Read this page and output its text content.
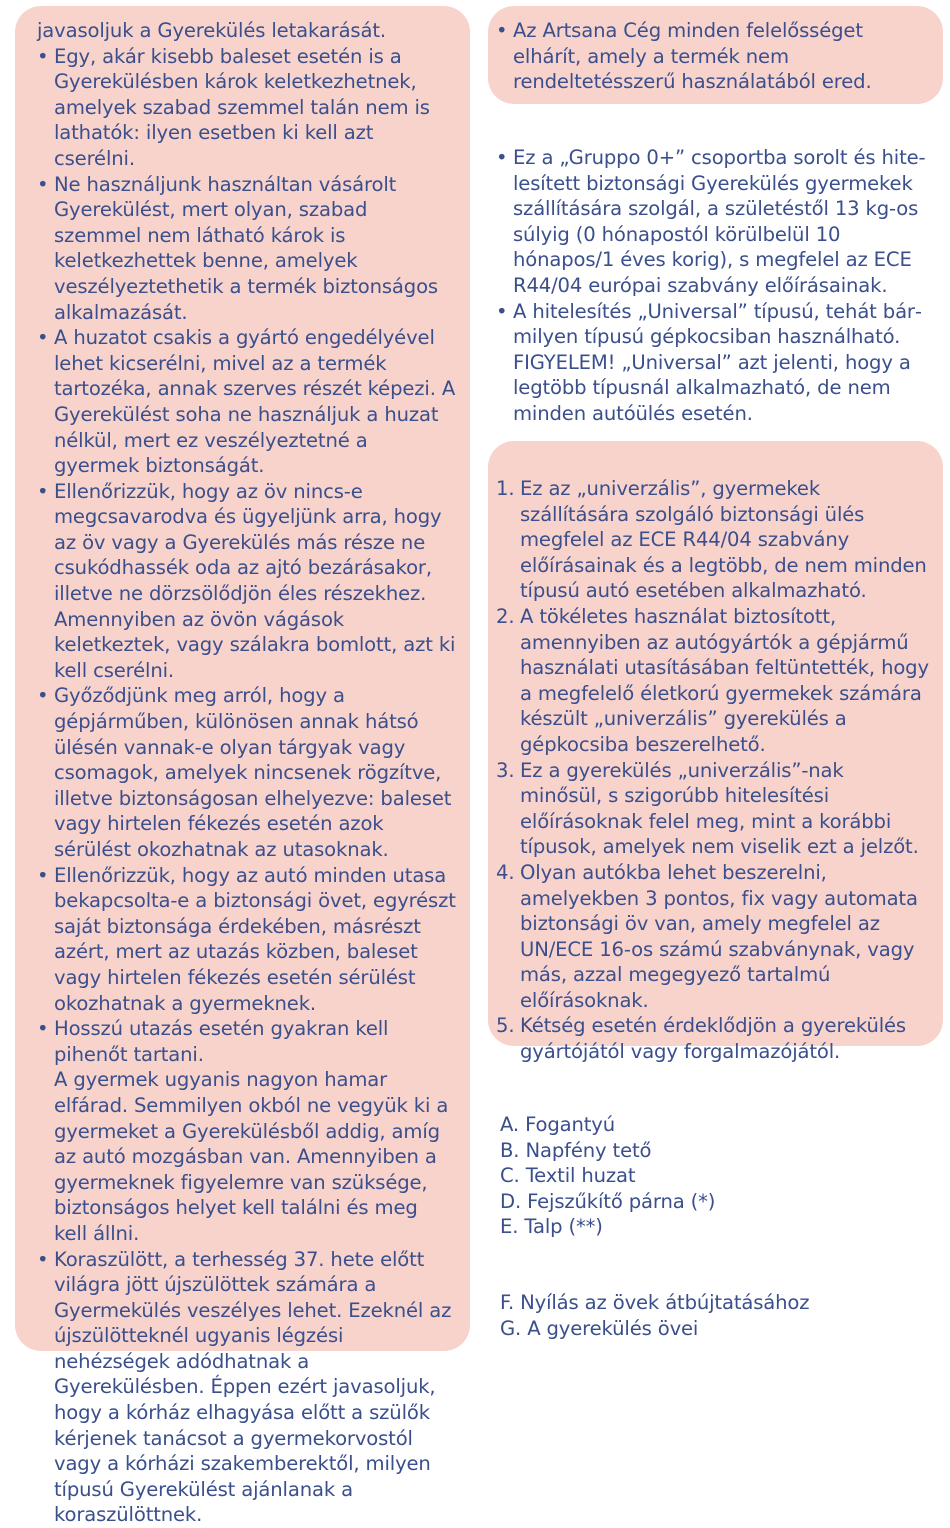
javasoljuk a Gyerekülés letakarását.
• Egy, akár kisebb baleset esetén is a Gyerekülésben károk keletkezhetnek, amelyek szabad szemmel talán nem is lathatók: ilyen esetben ki kell azt cserélni.
• Ne használjunk használtan vásárolt Gyerekülést, mert olyan, szabad szemmel nem látható károk is keletkezhettek benne, amelyek veszélyeztethetik a termék biztonságos alkalmazását.
• A huzatot csakis a gyártó engedélyével lehet kicserélni, mivel az a termék tartozéka, annak szerves részét képezi. A Gyerekülést soha ne használjuk a huzat nélkül, mert ez veszélyeztetné a gyermek biztonságát.
• Ellenőrizzük, hogy az öv nincs-e megcsavarodva és ügyeljünk arra, hogy az öv vagy a Gyerekülés más része ne csukódhassék oda az ajtó bezárásakor, illetve ne dörzsölődjön éles részekhez. Amennyiben az övön vágások keletkeztek, vagy szálakra bomlott, azt ki kell cserélni.
• Győződjünk meg arról, hogy a gépjárműben, különösen annak hátsó ülésén vannak-e olyan tárgyak vagy csomagok, amelyek nincsenek rögzítve, illetve biztonságosan elhelyezve: baleset vagy hirtelen fékezés esetén azok sérülést okozhatnak az utasoknak.
• Ellenőrizzük, hogy az autó minden utasa bekapcsolta-e a biztonsági övet, egyrészt saját biztonsága érdekében, másrészt azért, mert az utazás közben, baleset vagy hirtelen fékezés esetén sérülést okozhatnak a gyermeknek.
• Hosszú utazás esetén gyakran kell pihenőt tartani.
A gyermek ugyanis nagyon hamar elfárad. Semmilyen okból ne vegyük ki a gyermeket a Gyerekülésből addig, amíg az autó mozgásban van. Amennyiben a gyermeknek figyelemre van szüksége, biztonságos helyet kell találni és meg kell állni.
• Koraszülött, a terhesség 37. hete előtt világra jött újszülöttek számára a Gyermekülés veszélyes lehet. Ezeknél az újszülötteknél ugyanis légzési nehézségek adódhatnak a Gyerekülésben. Éppen ezért javasoljuk, hogy a kórház elhagyása előtt a szülők kérjenek tanácsot a gyermekorvostól vagy a kórházi szakemberektől, milyen típusú Gyerekülést ajánlanak a koraszülöttnek.
• Az Artsana Cég minden felelősséget elhárít, amely a termék nem rendeltetésszerű használatából ered.
• Ez a „Gruppo 0+” csoportba sorolt és hitelesített biztonsági Gyerekülés gyermekek szállítására szolgál, a születéstől 13 kg-os súlyig (0 hónapostól körülbelül 10 hónapos/1 éves korig), s megfelel az ECE R44/04 európai szabvány előírásainak.
• A hitelesítés „Universal” típusú, tehát bármilyen típusú gépkocsiban használható. FIGYELEM! „Universal” azt jelenti, hogy a legtöbb típusnál alkalmazható, de nem minden autóülés esetén.
1. Ez az „univerzális”, gyermekek szállítására szolgáló biztonsági ülés megfelel az ECE R44/04 szabvány előírásainak és a legtöbb, de nem minden típusú autó esetében alkalmazható.
2. A tökéletes használat biztosított, amennyiben az autógyártók a gépjármű használati utasításában feltüntették, hogy a megfelelő életkorú gyermekek számára készült „univerzális” gyerekülés a gépkocsiba beszerelhető.
3. Ez a gyerekülés „univerzális”-nak minősül, s szigorúbb hitelesítési előírásoknak felel meg, mint a korábbi típusok, amelyek nem viselik ezt a jelzőt.
4. Olyan autókba lehet beszerelni, amelyekben 3 pontos, fix vagy automata biztonsági öv van, amely megfelel az UN/ECE 16-os számú szabványnak, vagy más, azzal megegyező tartalmú előírásoknak.
5. Kétség esetén érdeklődjön a gyerekülés gyártójától vagy forgalmazójától.
A. Fogantyú
B. Napfény tető
C. Textil huzat
D. Fejszűkítő párna (*)
E. Talp (**)
F. Nyílás az övek átbújtatásához
G. A gyerekülés övei
